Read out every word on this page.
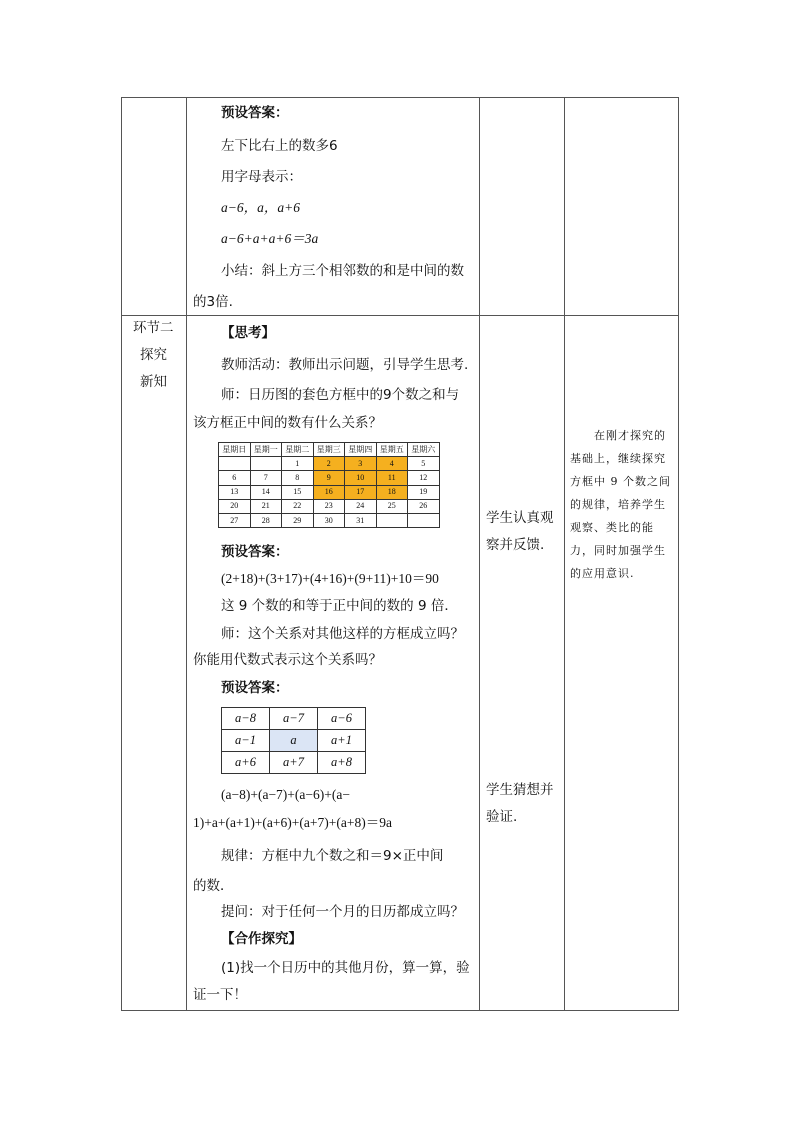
预设答案：
左下比右上的数多6
用字母表示：
a−6，a，a+6
a−6+a+a+6＝3a
小结：斜上方三个相邻数的和是中间的数
的3倍.
环节二
探究
新知
【思考】
教师活动：教师出示问题，引导学生思考.
师：日历图的套色方框中的9个数之和与
该方框正中间的数有什么关系？
星期日	星期一	星期二	星期三	星期四	星期五	星期六
		1	2	3	4	5
6	7	8	9	10	11	12
13	14	15	16	17	18	19
20	21	22	23	24	25	26
27	28	29	30	31		
预设答案：
(2+18)+(3+17)+(4+16)+(9+11)+10＝90
这 9 个数的和等于正中间的数的 9 倍．
师：这个关系对其他这样的方框成立吗？
你能用代数式表示这个关系吗？
预设答案：
a−8	a−7	a−6
a−1	a	a+1
a+6	a+7	a+8
(a−8)+(a−7)+(a−6)+(a−
1)+a+(a+1)+(a+6)+(a+7)+(a+8)＝9a
规律：方框中九个数之和＝9×正中间
的数．
提问：对于任何一个月的日历都成立吗？
【合作探究】
(1)找一个日历中的其他月份，算一算，验
证一下！
学生认真观
察并反馈.
学生猜想并
验证.
在刚才探究的基础上，继续探究方框中 9 个数之间的规律，培养学生观察、类比的能力，同时加强学生的应用意识.
